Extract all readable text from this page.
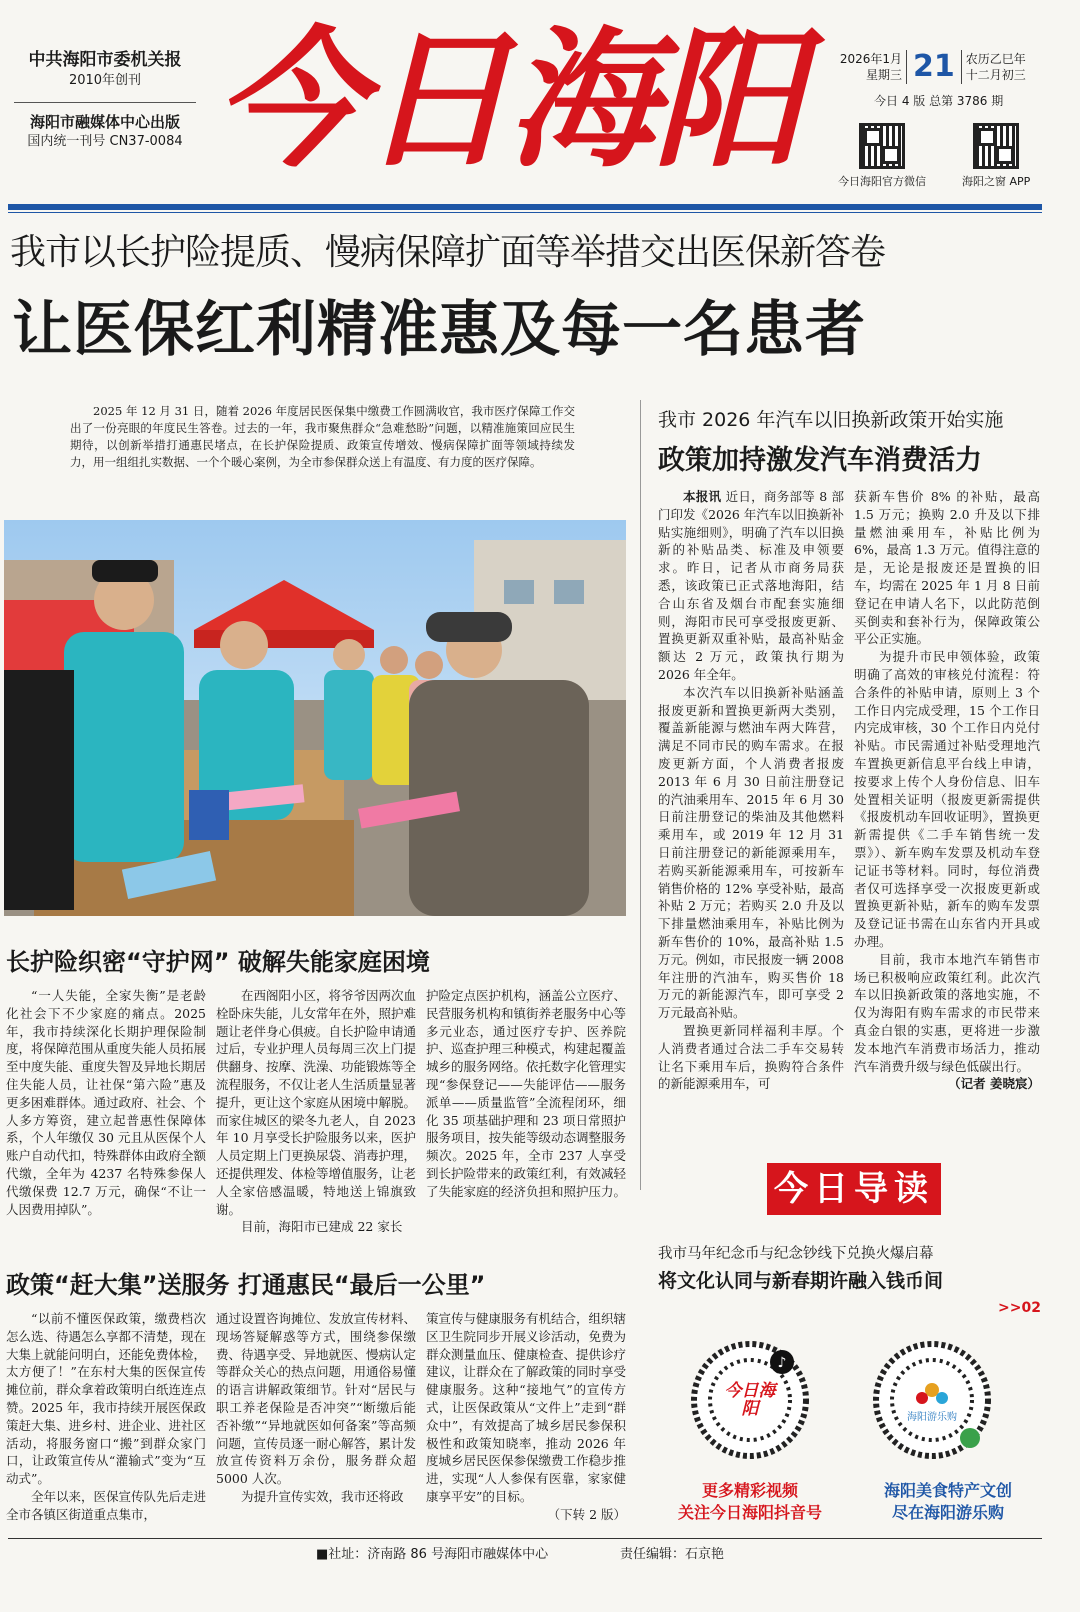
中共海阳市委机关报
2010年创刊
海阳市融媒体中心出版
国内统一刊号 CN37-0084 今日海阳	2026年1月
星期三 21 农历乙巳年
十二月初三
今日 4 版 总第 3786 期
今日海阳官方微信	海阳之窗 APP
我市以长护险提质、慢病保障扩面等举措交出医保新答卷
让医保红利精准惠及每一名患者
2025 年 12 月 31 日，随着 2026 年度居民医保集中缴费工作圆满收官，我市医疗保障工作交出了一份亮眼的年度民生答卷。过去的一年，我市聚焦群众“急难愁盼”问题，以精准施策回应民生期待，以创新举措打通惠民堵点，在长护保险提质、政策宣传增效、慢病保障扩面等领域持续发力，用一组组扎实数据、一个个暖心案例，为全市参保群众送上有温度、有力度的医疗保障。
长护险织密“守护网” 破解失能家庭困境
“一人失能，全家失衡”是老龄化社会下不少家庭的痛点。2025 年，我市持续深化长期护理保险制度，将保障范围从重度失能人员拓展至中度失能、重度失智及异地长期居住失能人员，让社保“第六险”惠及更多困难群体。通过政府、社会、个人多方筹资，建立起普惠性保障体系，个人年缴仅 30 元且从医保个人账户自动代扣，特殊群体由政府全额代缴，全年为 4237 名特殊参保人代缴保费 12.7 万元，确保“不让一人因费用掉队”。
在西阁阳小区，将爷爷因两次血栓卧床失能，儿女常年在外，照护难题让老伴身心俱疲。自长护险申请通过后，专业护理人员每周三次上门提供翻身、按摩、洗澡、功能锻炼等全流程服务，不仅让老人生活质量显著提升，更让这个家庭从困境中解脱。而家住城区的梁冬九老人，自 2023 年 10 月享受长护险服务以来，医护人员定期上门更换尿袋、消毒护理，还提供理发、体检等增值服务，让老人全家倍感温暖，特地送上锦旗致谢。
目前，海阳市已建成 22 家长
护险定点医护机构，涵盖公立医疗、民营服务机构和镇街养老服务中心等多元业态，通过医疗专护、医养院护、巡查护理三种模式，构建起覆盖城乡的服务网络。依托数字化管理实现“参保登记——失能评估——服务派单——质量监管”全流程闭环，细化 35 项基础护理和 23 项日常照护服务项目，按失能等级动态调整服务频次。2025 年，全市 237 人享受到长护险带来的政策红利，有效减轻了失能家庭的经济负担和照护压力。
政策“赶大集”送服务 打通惠民“最后一公里”
“以前不懂医保政策，缴费档次怎么选、待遇怎么享都不清楚，现在大集上就能问明白，还能免费体检，太方便了！”在东村大集的医保宣传摊位前，群众拿着政策明白纸连连点赞。2025 年，我市持续开展医保政策赶大集、进乡村、进企业、进社区活动，将服务窗口“搬”到群众家门口，让政策宣传从“灌输式”变为“互动式”。
全年以来，医保宣传队先后走进全市各镇区街道重点集市，
通过设置咨询摊位、发放宣传材料、现场答疑解惑等方式，围绕参保缴费、待遇享受、异地就医、慢病认定等群众关心的热点问题，用通俗易懂的语言讲解政策细节。针对“居民与职工养老保险是否冲突”“断缴后能否补缴”“异地就医如何备案”等高频问题，宣传员逐一耐心解答，累计发放宣传资料万余份，服务群众超 5000 人次。
为提升宣传实效，我市还将政
策宣传与健康服务有机结合，组织辖区卫生院同步开展义诊活动，免费为群众测量血压、健康检查、提供诊疗建议，让群众在了解政策的同时享受健康服务。这种“接地气”的宣传方式，让医保政策从“文件上”走到“群众中”，有效提高了城乡居民参保积极性和政策知晓率，推动 2026 年度城乡居民医保参保缴费工作稳步推进，实现“人人参保有医靠，家家健康享平安”的目标。
（下转 2 版）
我市 2026 年汽车以旧换新政策开始实施
政策加持激发汽车消费活力
本报讯 近日，商务部等 8 部门印发《2026 年汽车以旧换新补贴实施细则》，明确了汽车以旧换新的补贴品类、标准及申领要求。昨日，记者从市商务局获悉，该政策已正式落地海阳，结合山东省及烟台市配套实施细则，海阳市民可享受报废更新、置换更新双重补贴，最高补贴金额达 2 万元，政策执行期为 2026 年全年。
本次汽车以旧换新补贴涵盖报废更新和置换更新两大类别，覆盖新能源与燃油车两大阵营，满足不同市民的购车需求。在报废更新方面，个人消费者报废 2013 年 6 月 30 日前注册登记的汽油乘用车、2015 年 6 月 30 日前注册登记的柴油及其他燃料乘用车，或 2019 年 12 月 31 日前注册登记的新能源乘用车，若购买新能源乘用车，可按新车销售价格的 12% 享受补贴，最高补贴 2 万元；若购买 2.0 升及以下排量燃油乘用车，补贴比例为新车售价的 10%，最高补贴 1.5 万元。例如，市民报废一辆 2008 年注册的汽油车，购买售价 18 万元的新能源汽车，即可享受 2 万元最高补贴。
置换更新同样福利丰厚。个人消费者通过合法二手车交易转让名下乘用车后，换购符合条件的新能源乘用车，可
获新车售价 8% 的补贴，最高 1.5 万元；换购 2.0 升及以下排量燃油乘用车，补贴比例为 6%，最高 1.3 万元。值得注意的是，无论是报废还是置换的旧车，均需在 2025 年 1 月 8 日前登记在申请人名下，以此防范倒买倒卖和套补行为，保障政策公平公正实施。
为提升市民申领体验，政策明确了高效的审核兑付流程：符合条件的补贴申请，原则上 3 个工作日内完成受理，15 个工作日内完成审核，30 个工作日内兑付补贴。市民需通过补贴受理地汽车置换更新信息平台线上申请，按要求上传个人身份信息、旧车处置相关证明（报废更新需提供《报废机动车回收证明》，置换更新需提供《二手车销售统一发票》）、新车购车发票及机动车登记证书等材料。同时，每位消费者仅可选择享受一次报废更新或置换更新补贴，新车的购车发票及登记证书需在山东省内开具或办理。
目前，我市本地汽车销售市场已积极响应政策红利。此次汽车以旧换新政策的落地实施，不仅为海阳有购车需求的市民带来真金白银的实惠，更将进一步激发本地汽车消费市场活力，推动汽车消费升级与绿色低碳出行。
（记者 姜晓宸）
今日导读
我市马年纪念币与纪念钞线下兑换火爆启幕
将文化认同与新春期许融入钱币间
>>02
♪
今日海阳	海阳游乐购
更多精彩视频
关注今日海阳抖音号
海阳美食特产文创
尽在海阳游乐购
■社址：济南路 86 号海阳市融媒体中心	责任编辑：石京艳
